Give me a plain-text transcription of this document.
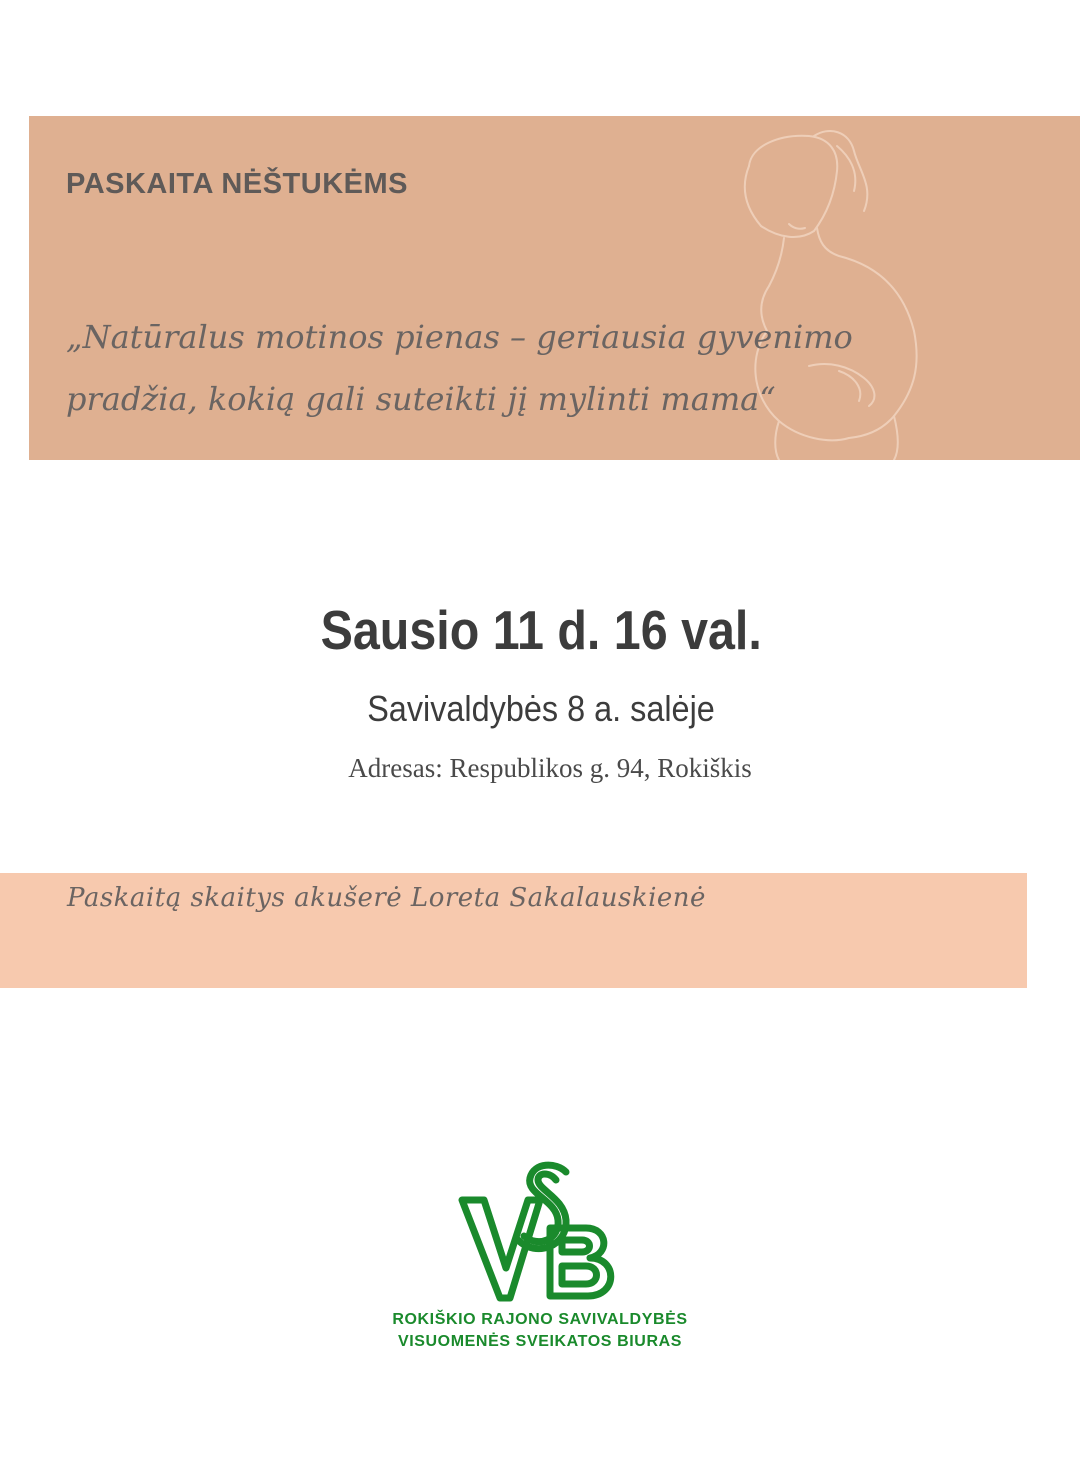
PASKAITA NĖŠTUKĖMS

„Natūralus motinos pienas – geriausia gyvenimo
pradžia, kokią gali suteikti jį mylinti mama“

Sausio 11 d. 16 val.

Savivaldybės 8 a. salėje

Adresas: Respublikos g. 94, Rokiškis

Paskaitą skaitys akušerė Loreta Sakalauskienė

ROKIŠKIO RAJONO SAVIVALDYBĖS

VISUOMENĖS SVEIKATOS BIURAS
